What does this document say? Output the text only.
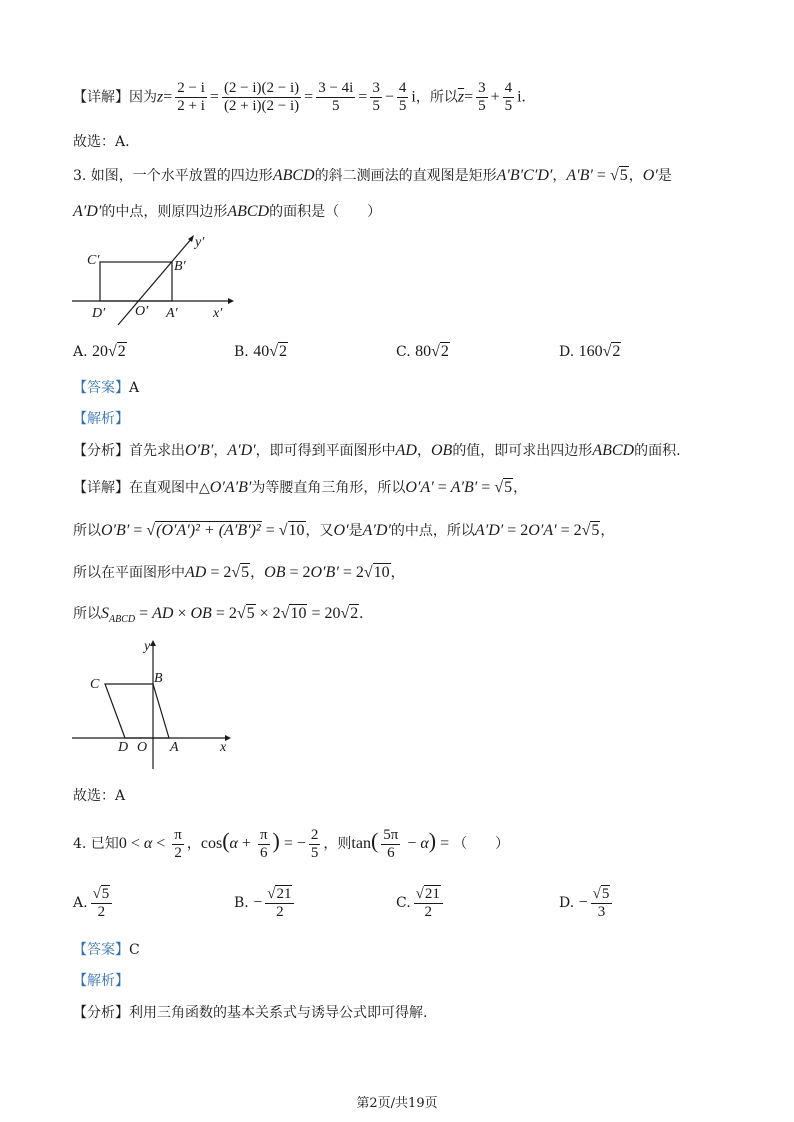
【详解】因为$z= \frac{2 - i}{2 + i} = \frac{(2 - i)(2 - i)}{(2 + i)(2 - i)} = \frac{3 - 4i}{5} = \frac{3}{5} - \frac{4}{5}$ i，所以$\overline{z}= \frac{3}{5} + \frac{4}{5} i$.
故选：A.
3. 如图，一个水平放置的四边形ABCD的斜二测画法的直观图是矩形A′B′C′D′，A′B′ = √5，O′是
A′D′的中点，则原四边形ABCD的面积是（　　）
C′	B′
y′
D′ O′ A′	x′
A. 20√2	B. 40√2	C. 80√2	D. 160√2
【答案】A
【解析】
【分析】首先求出O′B′，A′D′，即可得到平面图形中AD，OB的值，即可求出四边形ABCD的面积.
【详解】在直观图中△O′A′B′为等腰直角三角形，所以O′A′ = A′B′ = √5，
所以O′B′ = √(O′A′)² + (A′B′)² = √10，又O′是A′D′的中点，所以A′D′ = 2O′A′ = 2√5，
所以在平面图形中AD = 2√5，OB = 2O′B′ = 2√10，
所以$S_{ABCD}$ = AD × OB = 2√5 × 2√10 = 20√2.
y
C	B
D O A	x
故选：A
4. 已知$0 < \alpha < \frac{\pi}{2}$ ，$\cos(\alpha + \frac{\pi}{6}$ ) = − $\frac{2}{5}$ ，则$\tan( \frac{5\pi}{6} - \alpha)$ = （　　）
A. $\frac{√5}{2}$	B. − $\frac{√21}{2}$	C. $\frac{√21}{2}$	D. − $\frac{√5}{3}$
【答案】C
【解析】
【分析】利用三角函数的基本关系式与诱导公式即可得解.
第2页/共19页
